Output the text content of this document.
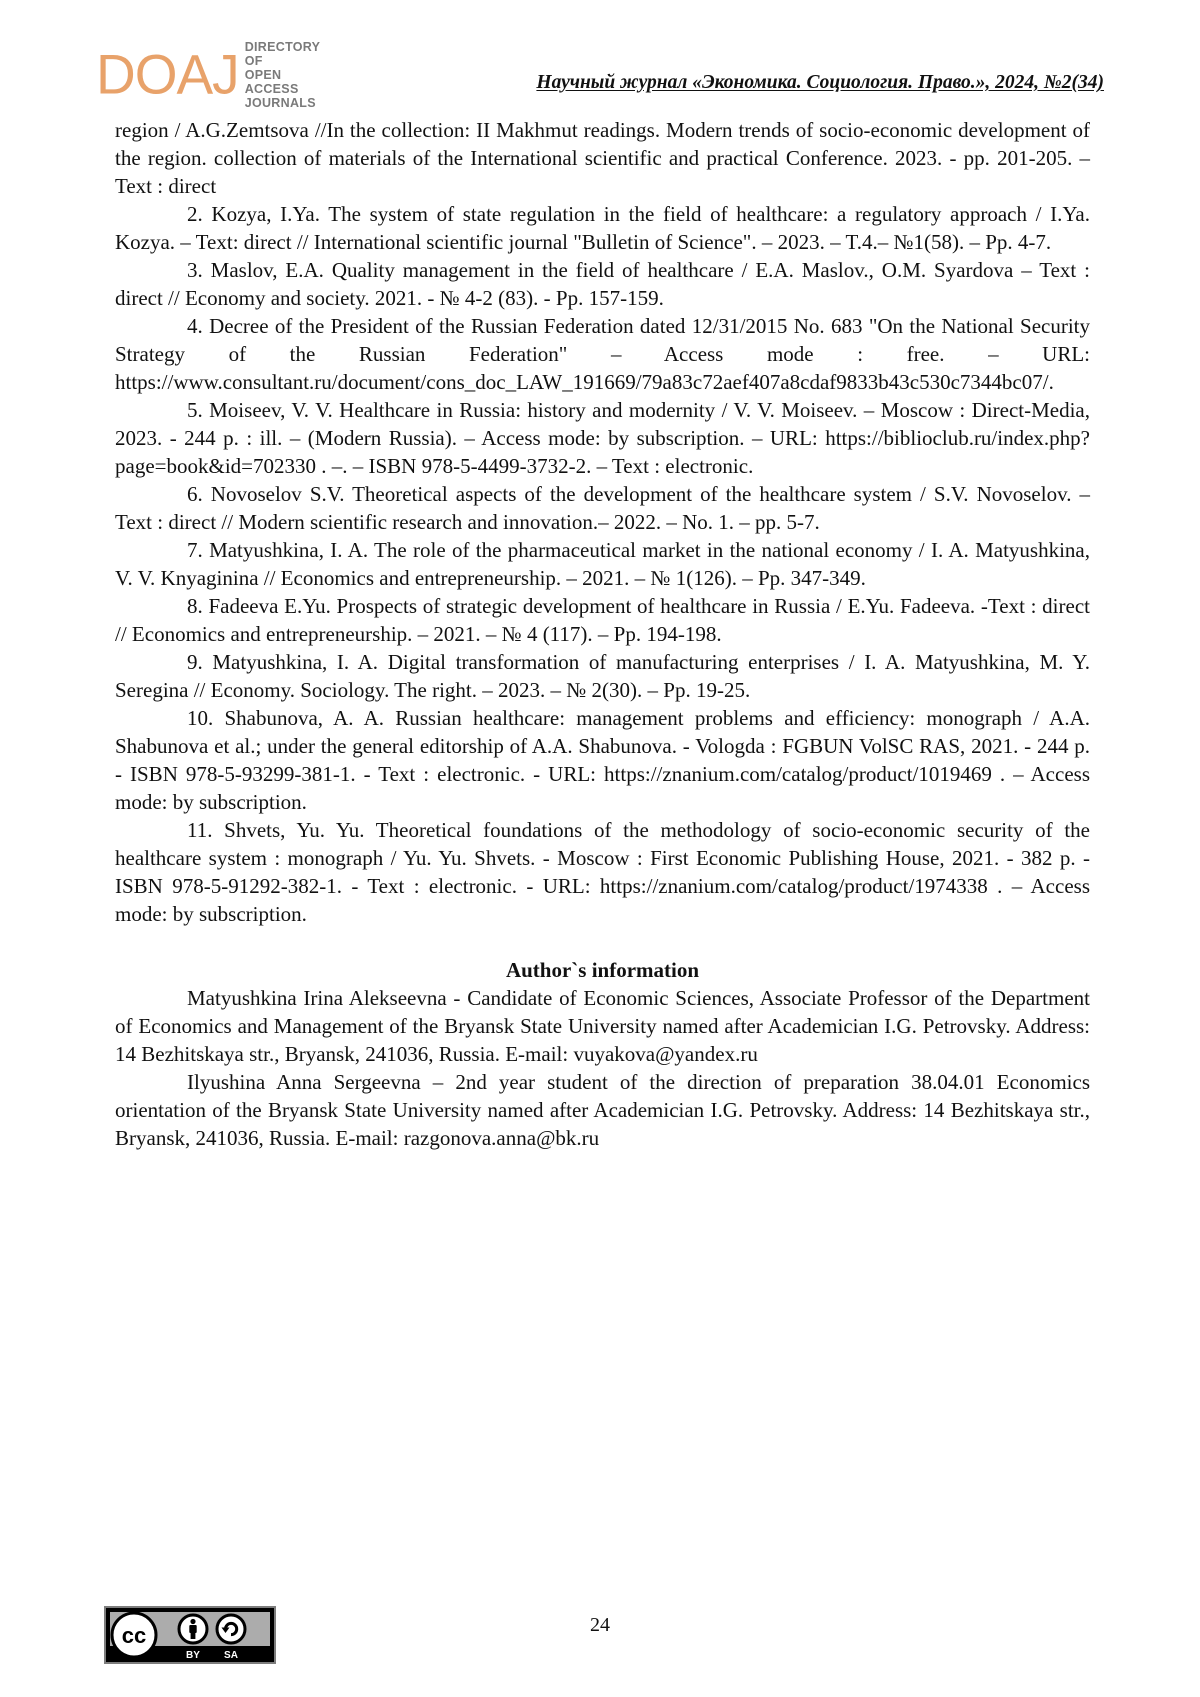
DOAJ DIRECTORY OF
OPEN ACCESS
JOURNALS
Научный журнал «Экономика. Социология. Право.», 2024, №2(34)

region / A.G.Zemtsova //In the collection: II Makhmut readings. Modern trends of socio-economic development of the region. collection of materials of the International scientific and practical Conference. 2023. - pp. 201-205. – Text : direct

2. Kozya, I.Ya. The system of state regulation in the field of healthcare: a regulatory approach / I.Ya. Kozya. – Text: direct // International scientific journal "Bulletin of Science". – 2023. – T.4.– №1(58). – Pp. 4-7.

3. Maslov, E.A. Quality management in the field of healthcare / E.A. Maslov., O.M. Syardova – Text : direct // Economy and society. 2021. - № 4-2 (83). - Pp. 157-159.

4. Decree of the President of the Russian Federation dated 12/31/2015 No. 683 "On the National Security Strategy of the Russian Federation" – Access mode : free. – URL: https://www.consultant.ru/document/cons_doc_LAW_191669/79a83c72aef407a8cdaf9833b43c530c7344bc07/.

5. Moiseev, V. V. Healthcare in Russia: history and modernity / V. V. Moiseev. – Moscow : Direct-Media, 2023. - 244 p. : ill. – (Modern Russia). – Access mode: by subscription. – URL: https://biblioclub.ru/index.php?page=book&id=702330 . –. – ISBN 978-5-4499-3732-2. – Text : electronic.

6. Novoselov S.V. Theoretical aspects of the development of the healthcare system / S.V. Novoselov. – Text : direct // Modern scientific research and innovation.– 2022. – No. 1. – pp. 5-7.

7. Matyushkina, I. A. The role of the pharmaceutical market in the national economy / I. A. Matyushkina, V. V. Knyaginina // Economics and entrepreneurship. – 2021. – № 1(126). – Pp. 347-349.

8. Fadeeva E.Yu. Prospects of strategic development of healthcare in Russia / E.Yu. Fadeeva. -Text : direct // Economics and entrepreneurship. – 2021. – № 4 (117). – Pp. 194-198.

9. Matyushkina, I. A. Digital transformation of manufacturing enterprises / I. A. Matyushkina, M. Y. Seregina // Economy. Sociology. The right. – 2023. – № 2(30). – Pp. 19-25.

10. Shabunova, A. A. Russian healthcare: management problems and efficiency: monograph / A.A. Shabunova et al.; under the general editorship of A.A. Shabunova. - Vologda : FGBUN VolSC RAS, 2021. - 244 p. - ISBN 978-5-93299-381-1. - Text : electronic. - URL: https://znanium.com/catalog/product/1019469 . – Access mode: by subscription.

11. Shvets, Yu. Yu. Theoretical foundations of the methodology of socio-economic security of the healthcare system : monograph / Yu. Yu. Shvets. - Moscow : First Economic Publishing House, 2021. - 382 p. - ISBN 978-5-91292-382-1. - Text : electronic. - URL: https://znanium.com/catalog/product/1974338 . – Access mode: by subscription.

Author`s information

Matyushkina Irina Alekseevna - Candidate of Economic Sciences, Associate Professor of the Department of Economics and Management of the Bryansk State University named after Academician I.G. Petrovsky. Address: 14 Bezhitskaya str., Bryansk, 241036, Russia. E-mail: vuyakova@yandex.ru

Ilyushina Anna Sergeevna – 2nd year student of the direction of preparation 38.04.01 Economics orientation of the Bryansk State University named after Academician I.G. Petrovsky. Address: 14 Bezhitskaya str., Bryansk, 241036, Russia. E-mail: razgonova.anna@bk.ru

cc
BY SA
24
